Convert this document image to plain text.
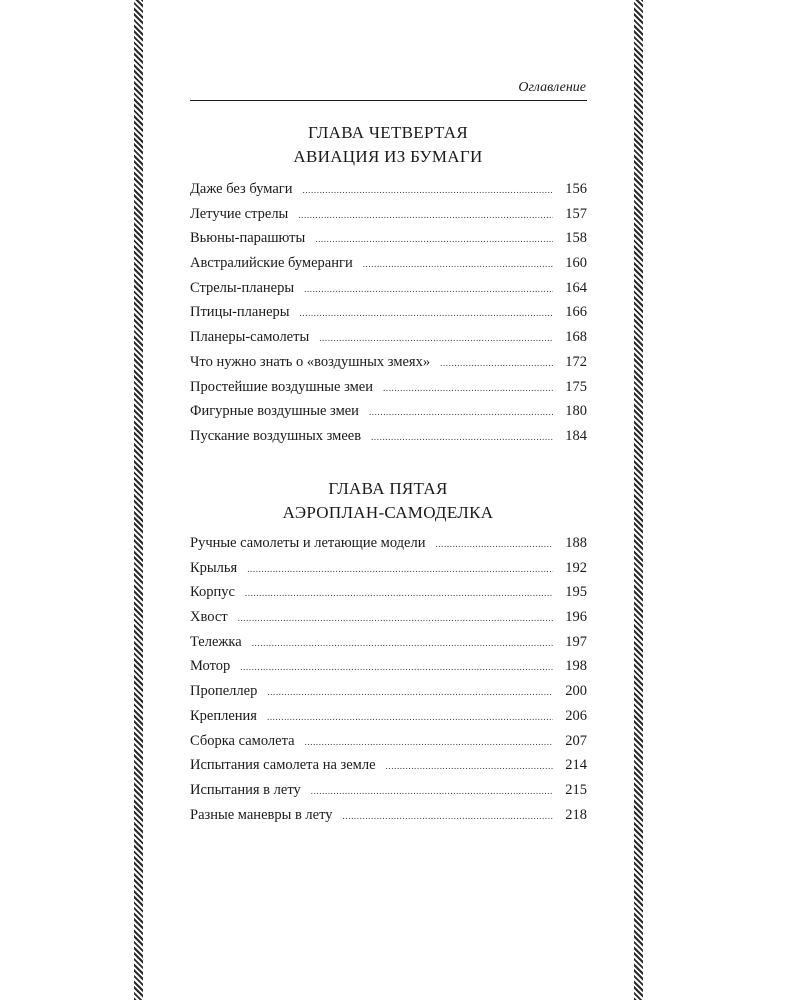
Оглавление
ГЛАВА ЧЕТВЕРТАЯ
АВИАЦИЯ ИЗ БУМАГИ
Даже без бумаги .....	156
Летучие стрелы .....	157
Вьюны-парашюты .....	158
Австралийские бумеранги .....	160
Стрелы-планеры .....	164
Птицы-планеры .....	166
Планеры-самолеты .....	168
Что нужно знать о «воздушных змеях» .....	172
Простейшие воздушные змеи .....	175
Фигурные воздушные змеи .....	180
Пускание воздушных змеев .....	184
ГЛАВА ПЯТАЯ
АЭРОПЛАН-САМОДЕЛКА
Ручные самолеты и летающие модели .....	188
Крылья .....	192
Корпус .....	195
Хвост .....	196
Тележка .....	197
Мотор .....	198
Пропеллер .....	200
Крепления .....	206
Сборка самолета .....	207
Испытания самолета на земле .....	214
Испытания в лету .....	215
Разные маневры в лету .....	218
